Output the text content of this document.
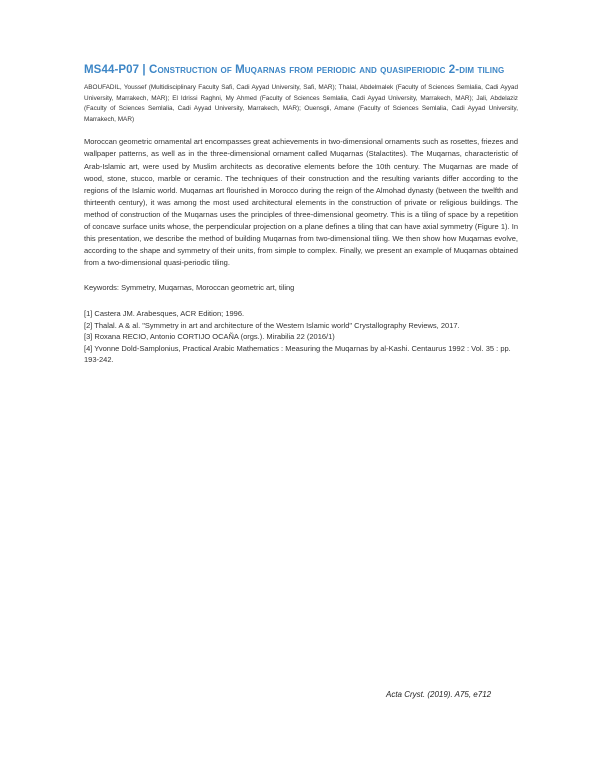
MS44-P07 | Construction of Muqarnas from periodic and quasiperiodic 2-dim tiling
ABOUFADIL, Youssef (Multidisciplinary Faculty Safi, Cadi Ayyad University, Safi, MAR); Thalal, Abdelmalek (Faculty of Sciences Semlalia, Cadi Ayyad University, Marrakech, MAR); El Idrissi Raghni, My Ahmed (Faculty of Sciences Semlalia, Cadi Ayyad University, Marrakech, MAR); Jali, Abdelaziz (Faculty of Sciences Semlalia, Cadi Ayyad University, Marrakech, MAR); Ouensgli, Amane (Faculty of Sciences Semlalia, Cadi Ayyad University, Marrakech, MAR)
Moroccan geometric ornamental art encompasses great achievements in two-dimensional ornaments such as rosettes, friezes and wallpaper patterns, as well as in the three-dimensional ornament called Muqarnas (Stalactites). The Muqarnas, characteristic of Arab-Islamic art, were used by Muslim architects as decorative elements before the 10th century. The Muqarnas are made of wood, stone, stucco, marble or ceramic. The techniques of their construction and the resulting variants differ according to the regions of the Islamic world. Muqarnas art flourished in Morocco during the reign of the Almohad dynasty (between the twelfth and thirteenth century), it was among the most used architectural elements in the construction of private or religious buildings. The method of construction of the Muqarnas uses the principles of three-dimensional geometry. This is a tiling of space by a repetition of concave surface units whose, the perpendicular projection on a plane defines a tiling that can have axial symmetry (Figure 1). In this presentation, we describe the method of building Muqarnas from two-dimensional tiling. We then show how Muqarnas evolve, according to the shape and symmetry of their units, from simple to complex. Finally, we present an example of Muqarnas obtained from a two-dimensional quasi-periodic tiling.
Keywords: Symmetry, Muqarnas, Moroccan geometric art, tiling
[1] Castera JM. Arabesques, ACR Edition; 1996.
[2] Thalal. A & al. "Symmetry in art and architecture of the Western Islamic world" Crystallography Reviews, 2017.
[3] Roxana RECIO, Antonio CORTIJO OCAÑA (orgs.). Mirabilia 22 (2016/1)
[4] Yvonne Dold-Samplonius, Practical Arabic Mathematics : Measuring the Muqarnas by al-Kashi. Centaurus 1992 : Vol. 35 : pp. 193-242.
Acta Cryst. (2019). A75, e712
